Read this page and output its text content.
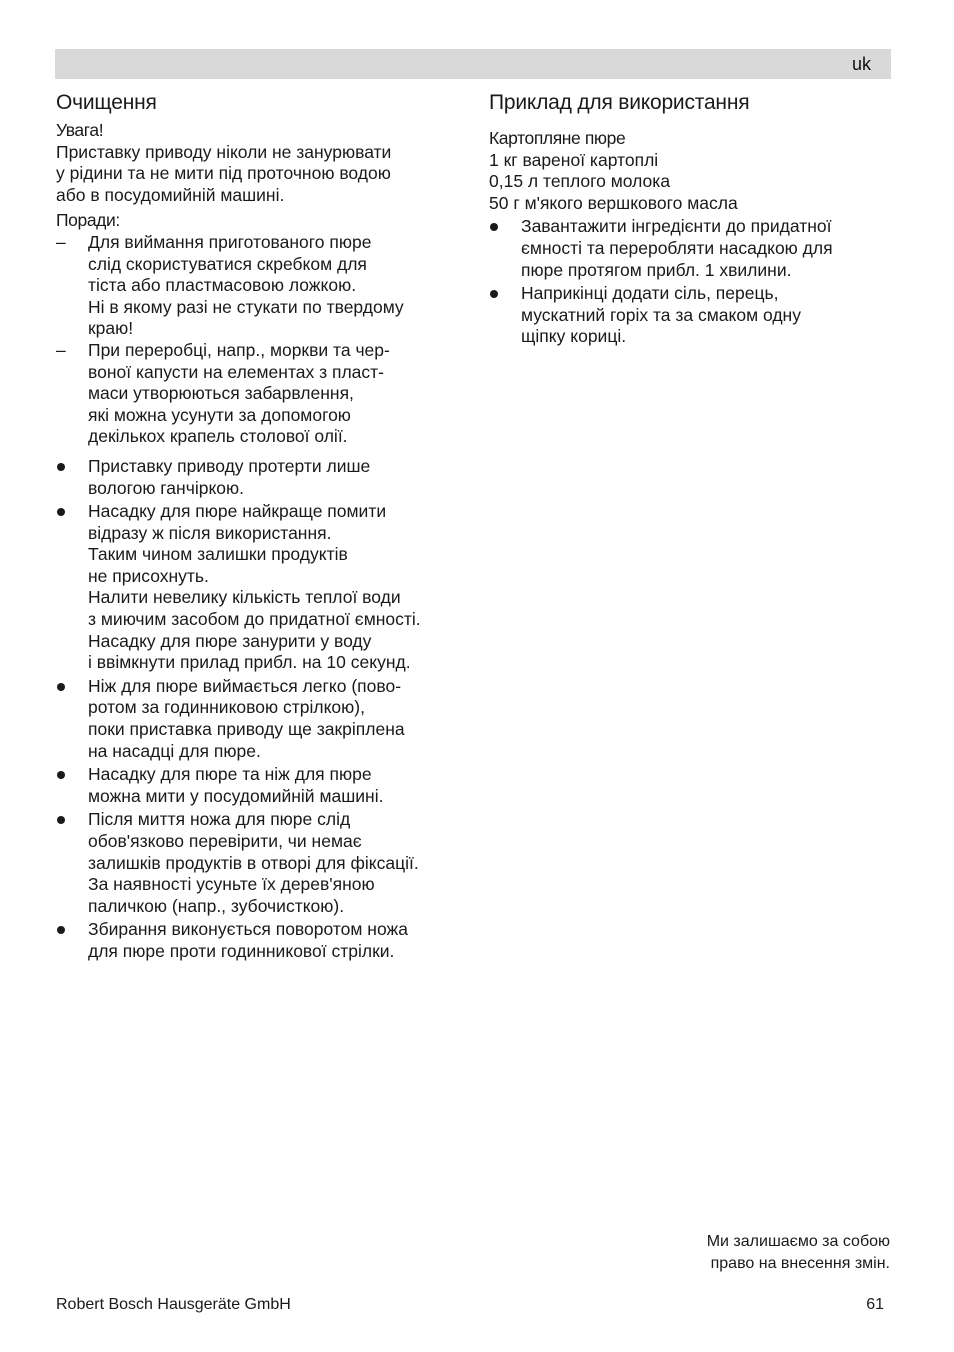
uk
Очищення
Увага!

Приставку приводу ніколи не занурювати
у рідини та не мити під проточною водою
або в посудомийній машині.

Поради:
– Для виймання приготованого пюре
слід скористуватися скребком для
тіста або пластмасовою ложкою.
Ні в якому разі не стукати по твердому
краю!
– При переробці, напр., моркви та чер-
воної капусти на елементах з пласт-
маси утворюються забарвлення,
які можна усунути за допомогою
декількох крапель столової олії.
Приставку приводу протерти лише
вологою ганчіркою.
Насадку для пюре найкраще помити
відразу ж після використання.
Таким чином залишки продуктів
не присохнуть.
Налити невелику кількість теплої води
з миючим засобом до придатної ємності.
Насадку для пюре занурити у воду
і ввімкнути прилад прибл. на 10 секунд.
Ніж для пюре виймається легко (пово-
ротом за годинниковою стрілкою),
поки приставка приводу ще закріплена
на насадці для пюре.
Насадку для пюре та ніж для пюре
можна мити у посудомийній машині.
Після миття ножа для пюре слід
обов'язково перевірити, чи немає
залишків продуктів в отворі для фіксації.
За наявності усуньте їх дерев'яною
паличкою (напр., зубочисткою).
Збирання виконується поворотом ножа
для пюре проти годинникової стрілки.
Приклад для використання
Картопляне пюре

1 кг вареної картоплі
0,15 л теплого молока
50 г м'якого вершкового масла

Завантажити інгредієнти до придатної
ємності та переробляти насадкою для
пюре протягом прибл. 1 хвилини.
Наприкінці додати сіль, перець,
мускатний горіх та за смаком одну
щіпку кориці.
Ми залишаємо за собою
право на внесення змін.
Robert Bosch Hausgeräte GmbH	61
